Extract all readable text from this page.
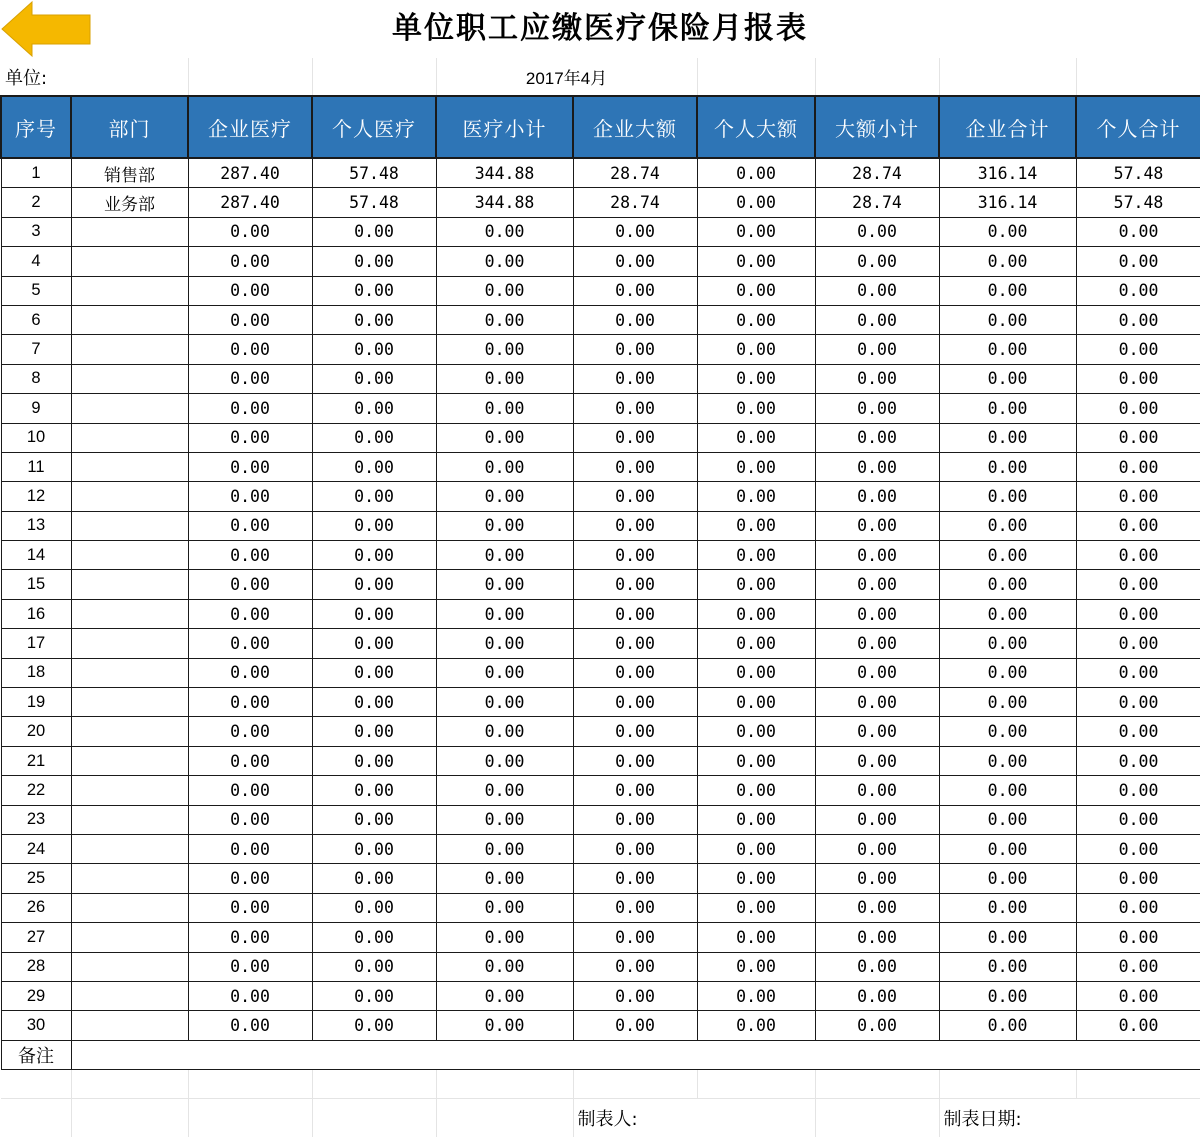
单位职工应缴医疗保险月报表
单位:				2017年4月					
序号	部门	企业医疗	个人医疗	医疗小计	企业大额	个人大额	大额小计	企业合计	个人合计
1	销售部	287.40	57.48	344.88	28.74	0.00	28.74	316.14	57.48
2	业务部	287.40	57.48	344.88	28.74	0.00	28.74	316.14	57.48
3		0.00	0.00	0.00	0.00	0.00	0.00	0.00	0.00
4		0.00	0.00	0.00	0.00	0.00	0.00	0.00	0.00
5		0.00	0.00	0.00	0.00	0.00	0.00	0.00	0.00
6		0.00	0.00	0.00	0.00	0.00	0.00	0.00	0.00
7		0.00	0.00	0.00	0.00	0.00	0.00	0.00	0.00
8		0.00	0.00	0.00	0.00	0.00	0.00	0.00	0.00
9		0.00	0.00	0.00	0.00	0.00	0.00	0.00	0.00
10		0.00	0.00	0.00	0.00	0.00	0.00	0.00	0.00
11		0.00	0.00	0.00	0.00	0.00	0.00	0.00	0.00
12		0.00	0.00	0.00	0.00	0.00	0.00	0.00	0.00
13		0.00	0.00	0.00	0.00	0.00	0.00	0.00	0.00
14		0.00	0.00	0.00	0.00	0.00	0.00	0.00	0.00
15		0.00	0.00	0.00	0.00	0.00	0.00	0.00	0.00
16		0.00	0.00	0.00	0.00	0.00	0.00	0.00	0.00
17		0.00	0.00	0.00	0.00	0.00	0.00	0.00	0.00
18		0.00	0.00	0.00	0.00	0.00	0.00	0.00	0.00
19		0.00	0.00	0.00	0.00	0.00	0.00	0.00	0.00
20		0.00	0.00	0.00	0.00	0.00	0.00	0.00	0.00
21		0.00	0.00	0.00	0.00	0.00	0.00	0.00	0.00
22		0.00	0.00	0.00	0.00	0.00	0.00	0.00	0.00
23		0.00	0.00	0.00	0.00	0.00	0.00	0.00	0.00
24		0.00	0.00	0.00	0.00	0.00	0.00	0.00	0.00
25		0.00	0.00	0.00	0.00	0.00	0.00	0.00	0.00
26		0.00	0.00	0.00	0.00	0.00	0.00	0.00	0.00
27		0.00	0.00	0.00	0.00	0.00	0.00	0.00	0.00
28		0.00	0.00	0.00	0.00	0.00	0.00	0.00	0.00
29		0.00	0.00	0.00	0.00	0.00	0.00	0.00	0.00
30		0.00	0.00	0.00	0.00	0.00	0.00	0.00	0.00
备注									

					制表人:			制表日期:	
